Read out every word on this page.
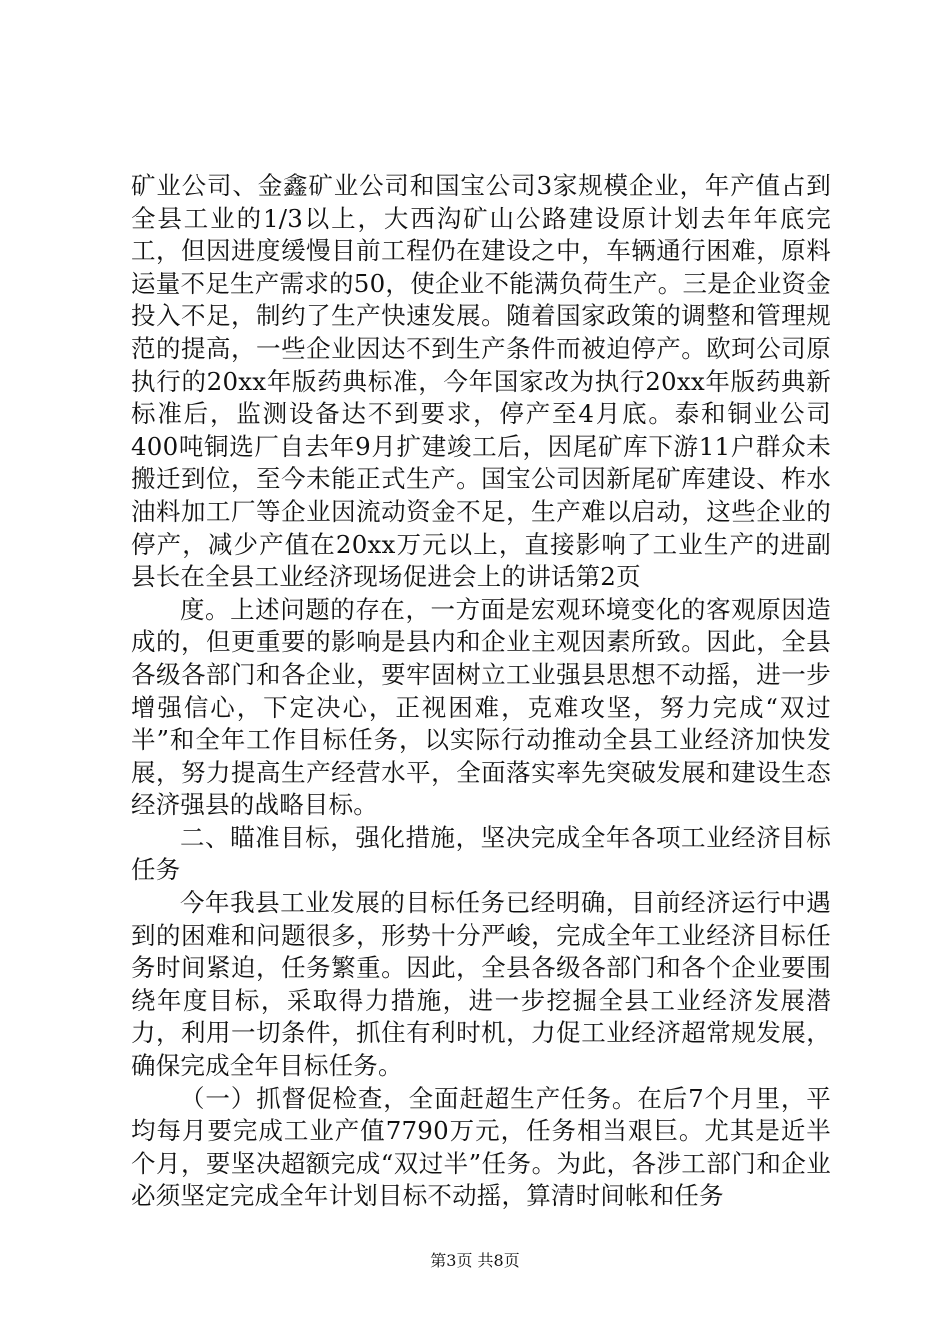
矿业公司、金鑫矿业公司和国宝公司3家规模企业，年产值占到全县工业的1/3以上，大西沟矿山公路建设原计划去年年底完工，但因进度缓慢目前工程仍在建设之中，车辆通行困难，原料运量不足生产需求的50，使企业不能满负荷生产。三是企业资金投入不足，制约了生产快速发展。随着国家政策的调整和管理规范的提高，一些企业因达不到生产条件而被迫停产。欧珂公司原执行的20xx年版药典标准，今年国家改为执行20xx年版药典新标准后，监测设备达不到要求，停产至4月底。泰和铜业公司400吨铜选厂自去年9月扩建竣工后，因尾矿库下游11户群众未搬迁到位，至今未能正式生产。国宝公司因新尾矿库建设、柞水油料加工厂等企业因流动资金不足，生产难以启动，这些企业的停产，减少产值在20xx万元以上，直接影响了工业生产的进副县长在全县工业经济现场促进会上的讲话第2页

度。上述问题的存在，一方面是宏观环境变化的客观原因造成的，但更重要的影响是县内和企业主观因素所致。因此，全县各级各部门和各企业，要牢固树立工业强县思想不动摇，进一步增强信心，下定决心，正视困难，克难攻坚，努力完成“双过半”和全年工作目标任务，以实际行动推动全县工业经济加快发展，努力提高生产经营水平，全面落实率先突破发展和建设生态经济强县的战略目标。

二、瞄准目标，强化措施，坚决完成全年各项工业经济目标任务

今年我县工业发展的目标任务已经明确，目前经济运行中遇到的困难和问题很多，形势十分严峻，完成全年工业经济目标任务时间紧迫，任务繁重。因此，全县各级各部门和各个企业要围绕年度目标，采取得力措施，进一步挖掘全县工业经济发展潜力，利用一切条件，抓住有利时机，力促工业经济超常规发展，确保完成全年目标任务。

（一）抓督促检查，全面赶超生产任务。在后7个月里，平均每月要完成工业产值7790万元，任务相当艰巨。尤其是近半个月，要坚决超额完成“双过半”任务。为此，各涉工部门和企业必须坚定完成全年计划目标不动摇，算清时间帐和任务

第3页 共8页
